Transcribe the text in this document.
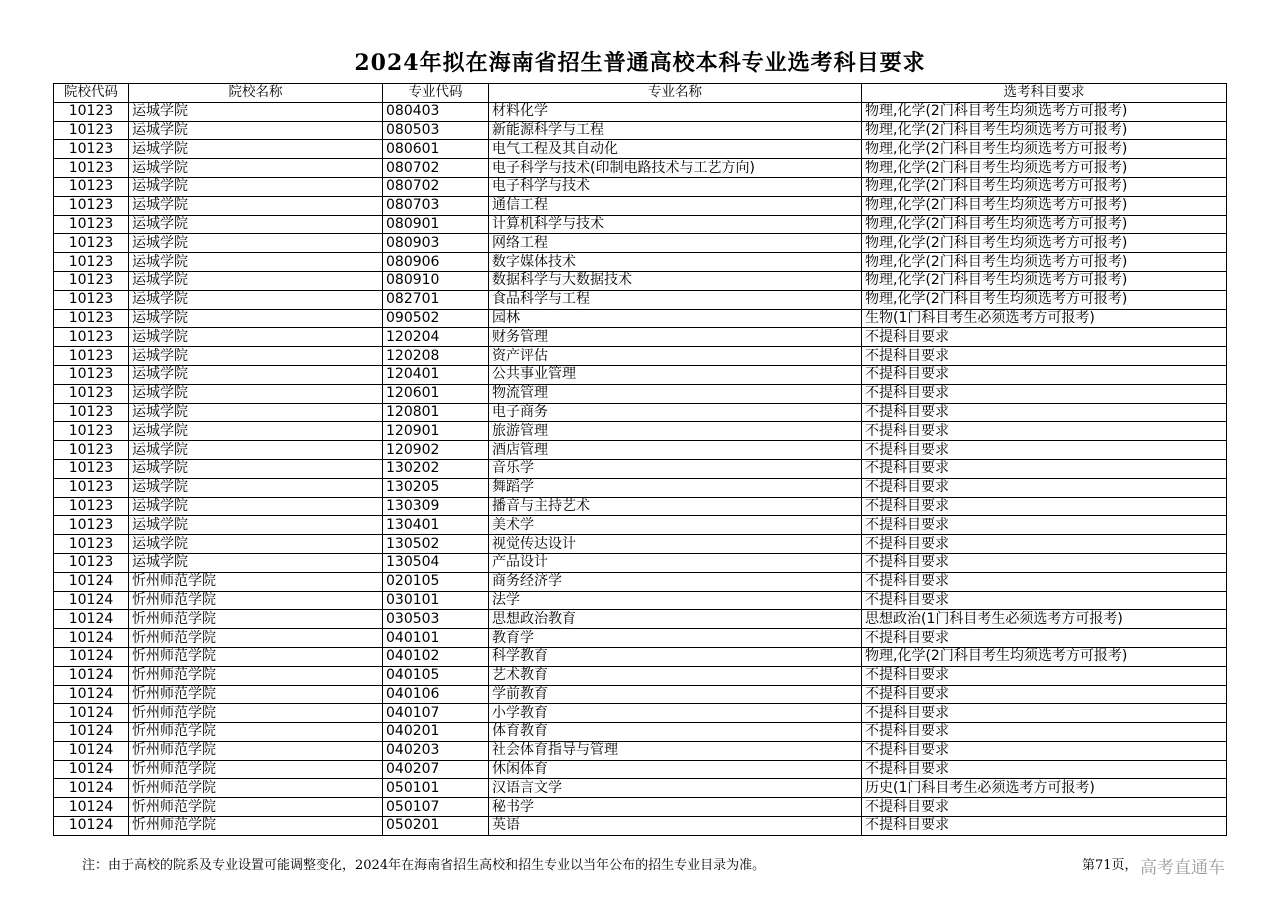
2024年拟在海南省招生普通高校本科专业选考科目要求
院校代码	院校名称	专业代码	专业名称	选考科目要求
10123	运城学院	080403	材料化学	物理,化学(2门科目考生均须选考方可报考)
10123	运城学院	080503	新能源科学与工程	物理,化学(2门科目考生均须选考方可报考)
10123	运城学院	080601	电气工程及其自动化	物理,化学(2门科目考生均须选考方可报考)
10123	运城学院	080702	电子科学与技术(印制电路技术与工艺方向)	物理,化学(2门科目考生均须选考方可报考)
10123	运城学院	080702	电子科学与技术	物理,化学(2门科目考生均须选考方可报考)
10123	运城学院	080703	通信工程	物理,化学(2门科目考生均须选考方可报考)
10123	运城学院	080901	计算机科学与技术	物理,化学(2门科目考生均须选考方可报考)
10123	运城学院	080903	网络工程	物理,化学(2门科目考生均须选考方可报考)
10123	运城学院	080906	数字媒体技术	物理,化学(2门科目考生均须选考方可报考)
10123	运城学院	080910	数据科学与大数据技术	物理,化学(2门科目考生均须选考方可报考)
10123	运城学院	082701	食品科学与工程	物理,化学(2门科目考生均须选考方可报考)
10123	运城学院	090502	园林	生物(1门科目考生必须选考方可报考)
10123	运城学院	120204	财务管理	不提科目要求
10123	运城学院	120208	资产评估	不提科目要求
10123	运城学院	120401	公共事业管理	不提科目要求
10123	运城学院	120601	物流管理	不提科目要求
10123	运城学院	120801	电子商务	不提科目要求
10123	运城学院	120901	旅游管理	不提科目要求
10123	运城学院	120902	酒店管理	不提科目要求
10123	运城学院	130202	音乐学	不提科目要求
10123	运城学院	130205	舞蹈学	不提科目要求
10123	运城学院	130309	播音与主持艺术	不提科目要求
10123	运城学院	130401	美术学	不提科目要求
10123	运城学院	130502	视觉传达设计	不提科目要求
10123	运城学院	130504	产品设计	不提科目要求
10124	忻州师范学院	020105	商务经济学	不提科目要求
10124	忻州师范学院	030101	法学	不提科目要求
10124	忻州师范学院	030503	思想政治教育	思想政治(1门科目考生必须选考方可报考)
10124	忻州师范学院	040101	教育学	不提科目要求
10124	忻州师范学院	040102	科学教育	物理,化学(2门科目考生均须选考方可报考)
10124	忻州师范学院	040105	艺术教育	不提科目要求
10124	忻州师范学院	040106	学前教育	不提科目要求
10124	忻州师范学院	040107	小学教育	不提科目要求
10124	忻州师范学院	040201	体育教育	不提科目要求
10124	忻州师范学院	040203	社会体育指导与管理	不提科目要求
10124	忻州师范学院	040207	休闲体育	不提科目要求
10124	忻州师范学院	050101	汉语言文学	历史(1门科目考生必须选考方可报考)
10124	忻州师范学院	050107	秘书学	不提科目要求
10124	忻州师范学院	050201	英语	不提科目要求
注：由于高校的院系及专业设置可能调整变化，2024年在海南省招生高校和招生专业以当年公布的招生专业目录为准。	第71页， 高考直通车
